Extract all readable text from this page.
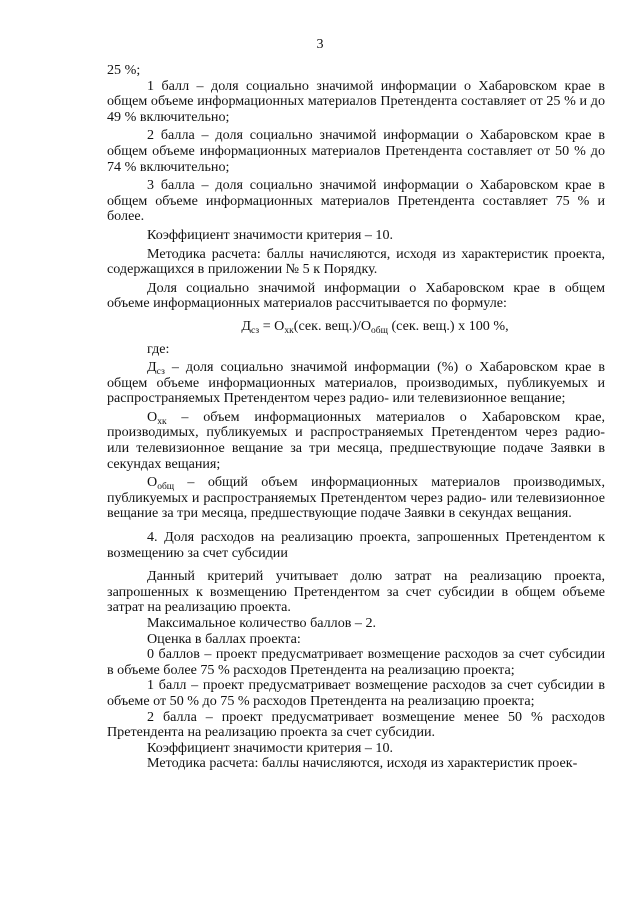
3

25 %;

1 балл – доля социально значимой информации о Хабаровском крае в общем объеме информационных материалов Претендента составляет от 25 % и до 49 % включительно;

2 балла – доля социально значимой информации о Хабаровском крае в общем объеме информационных материалов Претендента составляет от 50 % до 74 % включительно;

3 балла – доля социально значимой информации о Хабаровском крае в общем объеме информационных материалов Претендента составляет 75 % и более.

Коэффициент значимости критерия – 10.

Методика расчета: баллы начисляются, исходя из характеристик проекта, содержащихся в приложении № 5 к Порядку.

Доля социально значимой информации о Хабаровском крае в общем объеме информационных материалов рассчитывается по формуле:

$Д_{сз} = О_{хк}(сек$. $вещ.)/О_{общ}$ (сек. вещ.) х 100 %,

где:

$Д_{сз}$ – доля социально значимой информации (%) о Хабаровском крае в общем объеме информационных материалов, производимых, публикуемых и распространяемых Претендентом через радио- или телевизионное вещание;

$О_{хк}$ – объем информационных материалов о Хабаровском крае, производимых, публикуемых и распространяемых Претендентом через радио- или телевизионное вещание за три месяца, предшествующие подаче Заявки в секундах вещания;

$О_{общ}$ – общий объем информационных материалов производимых, публикуемых и распространяемых Претендентом через радио- или телевизионное вещание за три месяца, предшествующие подаче Заявки в секундах вещания.

4. Доля расходов на реализацию проекта, запрошенных Претендентом к возмещению за счет субсидии

Данный критерий учитывает долю затрат на реализацию проекта, запрошенных к возмещению Претендентом за счет субсидии в общем объеме затрат на реализацию проекта.

Максимальное количество баллов – 2.

Оценка в баллах проекта:

0 баллов – проект предусматривает возмещение расходов за счет субсидии в объеме более 75 % расходов Претендента на реализацию проекта;

1 балл – проект предусматривает возмещение расходов за счет субсидии в объеме от 50 % до 75 % расходов Претендента на реализацию проекта;

2 балла – проект предусматривает возмещение менее 50 % расходов Претендента на реализацию проекта за счет субсидии.

Коэффициент значимости критерия – 10.

Методика расчета: баллы начисляются, исходя из характеристик проек-
